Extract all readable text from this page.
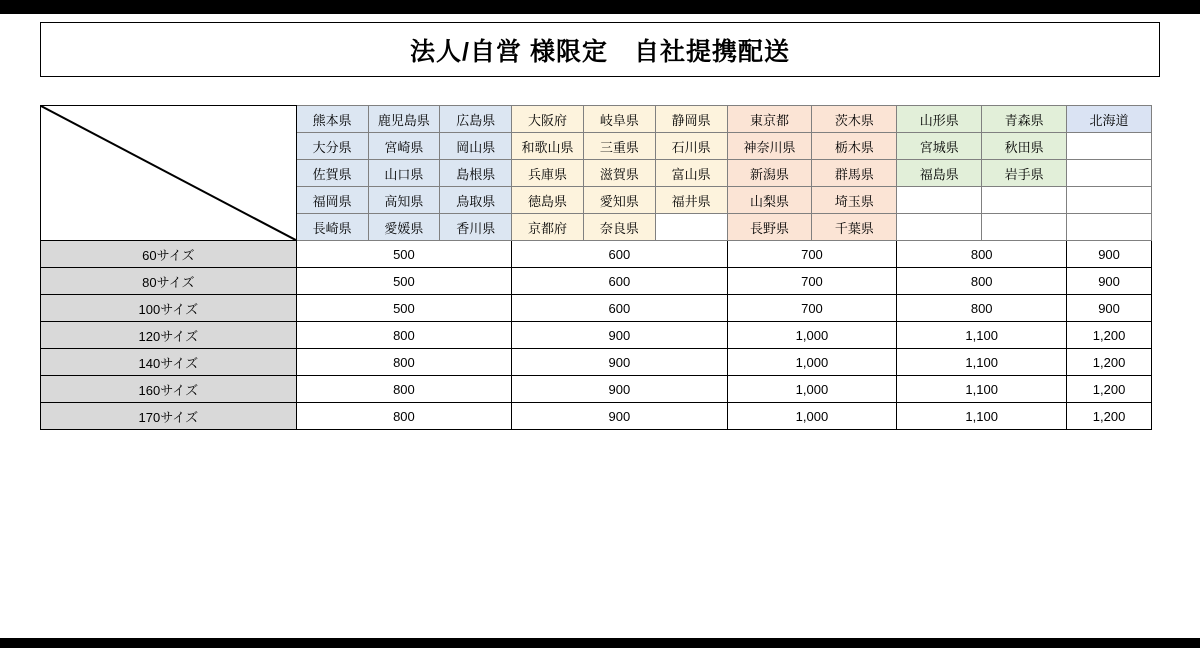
法人/自営 様限定　自社提携配送
	熊本県	鹿児島県	広島県	大阪府	岐阜県	静岡県	東京都	茨木県	山形県	青森県	北海道
	大分県	宮崎県	岡山県	和歌山県	三重県	石川県	神奈川県	栃木県	宮城県	秋田県	
	佐賀県	山口県	島根県	兵庫県	滋賀県	富山県	新潟県	群馬県	福島県	岩手県	
	福岡県	高知県	鳥取県	徳島県	愛知県	福井県	山梨県	埼玉県			
	長崎県	愛媛県	香川県	京都府	奈良県		長野県	千葉県			
60サイズ	500			600			700		800		900
80サイズ	500			600			700		800		900
100サイズ	500			600			700		800		900
120サイズ	800			900			1,000		1,100		1,200
140サイズ	800			900			1,000		1,100		1,200
160サイズ	800			900			1,000		1,100		1,200
170サイズ	800			900			1,000		1,100		1,200
